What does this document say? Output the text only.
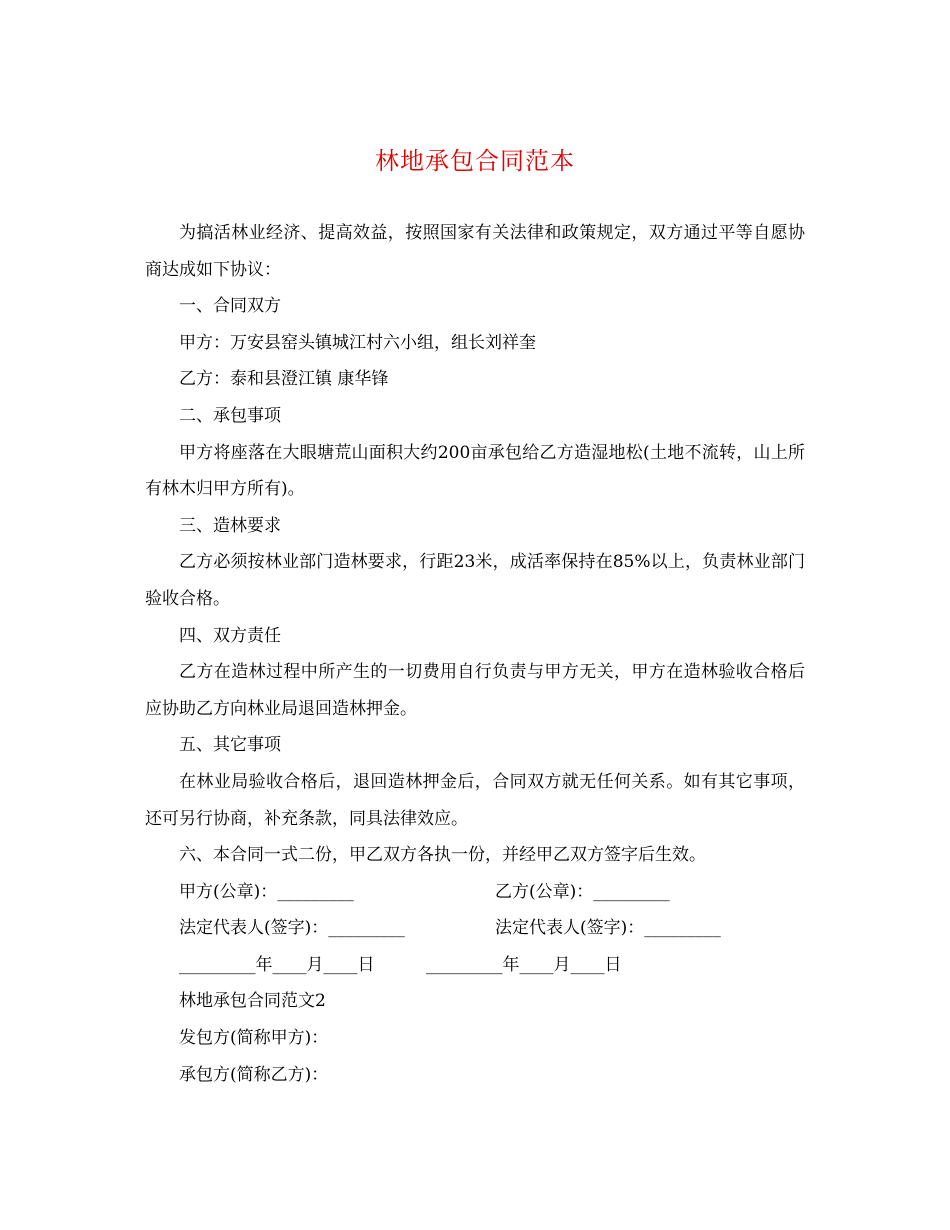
林地承包合同范本

为搞活林业经济、提高效益，按照国家有关法律和政策规定，双方通过平等自愿协商达成如下协议：

一、合同双方

甲方：万安县窑头镇城江村六小组，组长刘祥奎

乙方：泰和县澄江镇 康华锋

二、承包事项

甲方将座落在大眼塘荒山面积大约200亩承包给乙方造湿地松(土地不流转，山上所有林木归甲方所有)。

三、造林要求

乙方必须按林业部门造林要求，行距23米，成活率保持在85%以上，负责林业部门验收合格。

四、双方责任

乙方在造林过程中所产生的一切费用自行负责与甲方无关，甲方在造林验收合格后应协助乙方向林业局退回造林押金。

五、其它事项

在林业局验收合格后，退回造林押金后，合同双方就无任何关系。如有其它事项，还可另行协商，补充条款，同具法律效应。

六、本合同一式二份，甲乙双方各执一份，并经甲乙双方签字后生效。

甲方(公章)：_________	乙方(公章)：_________
法定代表人(签字)：_________	法定代表人(签字)：_________
_________年____月____日	_________年____月____日

林地承包合同范文2

发包方(简称甲方)：

承包方(简称乙方)：
